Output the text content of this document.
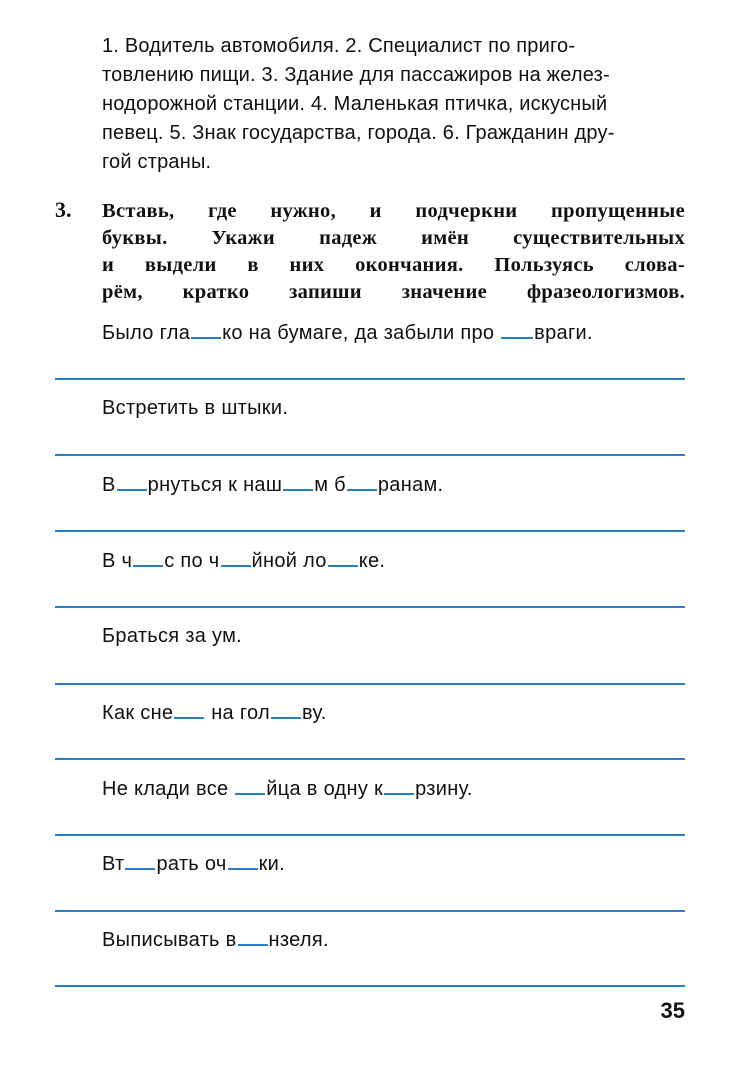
1. Водитель автомобиля. 2. Специалист по приго-
товлению пищи. 3. Здание для пассажиров на желез-
нодорожной станции. 4. Маленькая птичка, искусный
певец. 5. Знак государства, города. 6. Гражданин дру-
гой страны.
3. Вставь, где нужно, и подчеркни пропущенные
буквы. Укажи падеж имён существительных
и выдели в них окончания. Пользуясь слова-
рём, кратко запиши значение фразеологизмов.
Было гла ко на бумаге, да забыли про враги.
Встретить в штыки.
В рнуться к наш м б ранам.
В ч с по ч йной ло ке.
Браться за ум.
Как сне на гол ву.
Не клади все йца в одну к рзину.
Вт рать оч ки.
Выписывать в нзеля.
35
